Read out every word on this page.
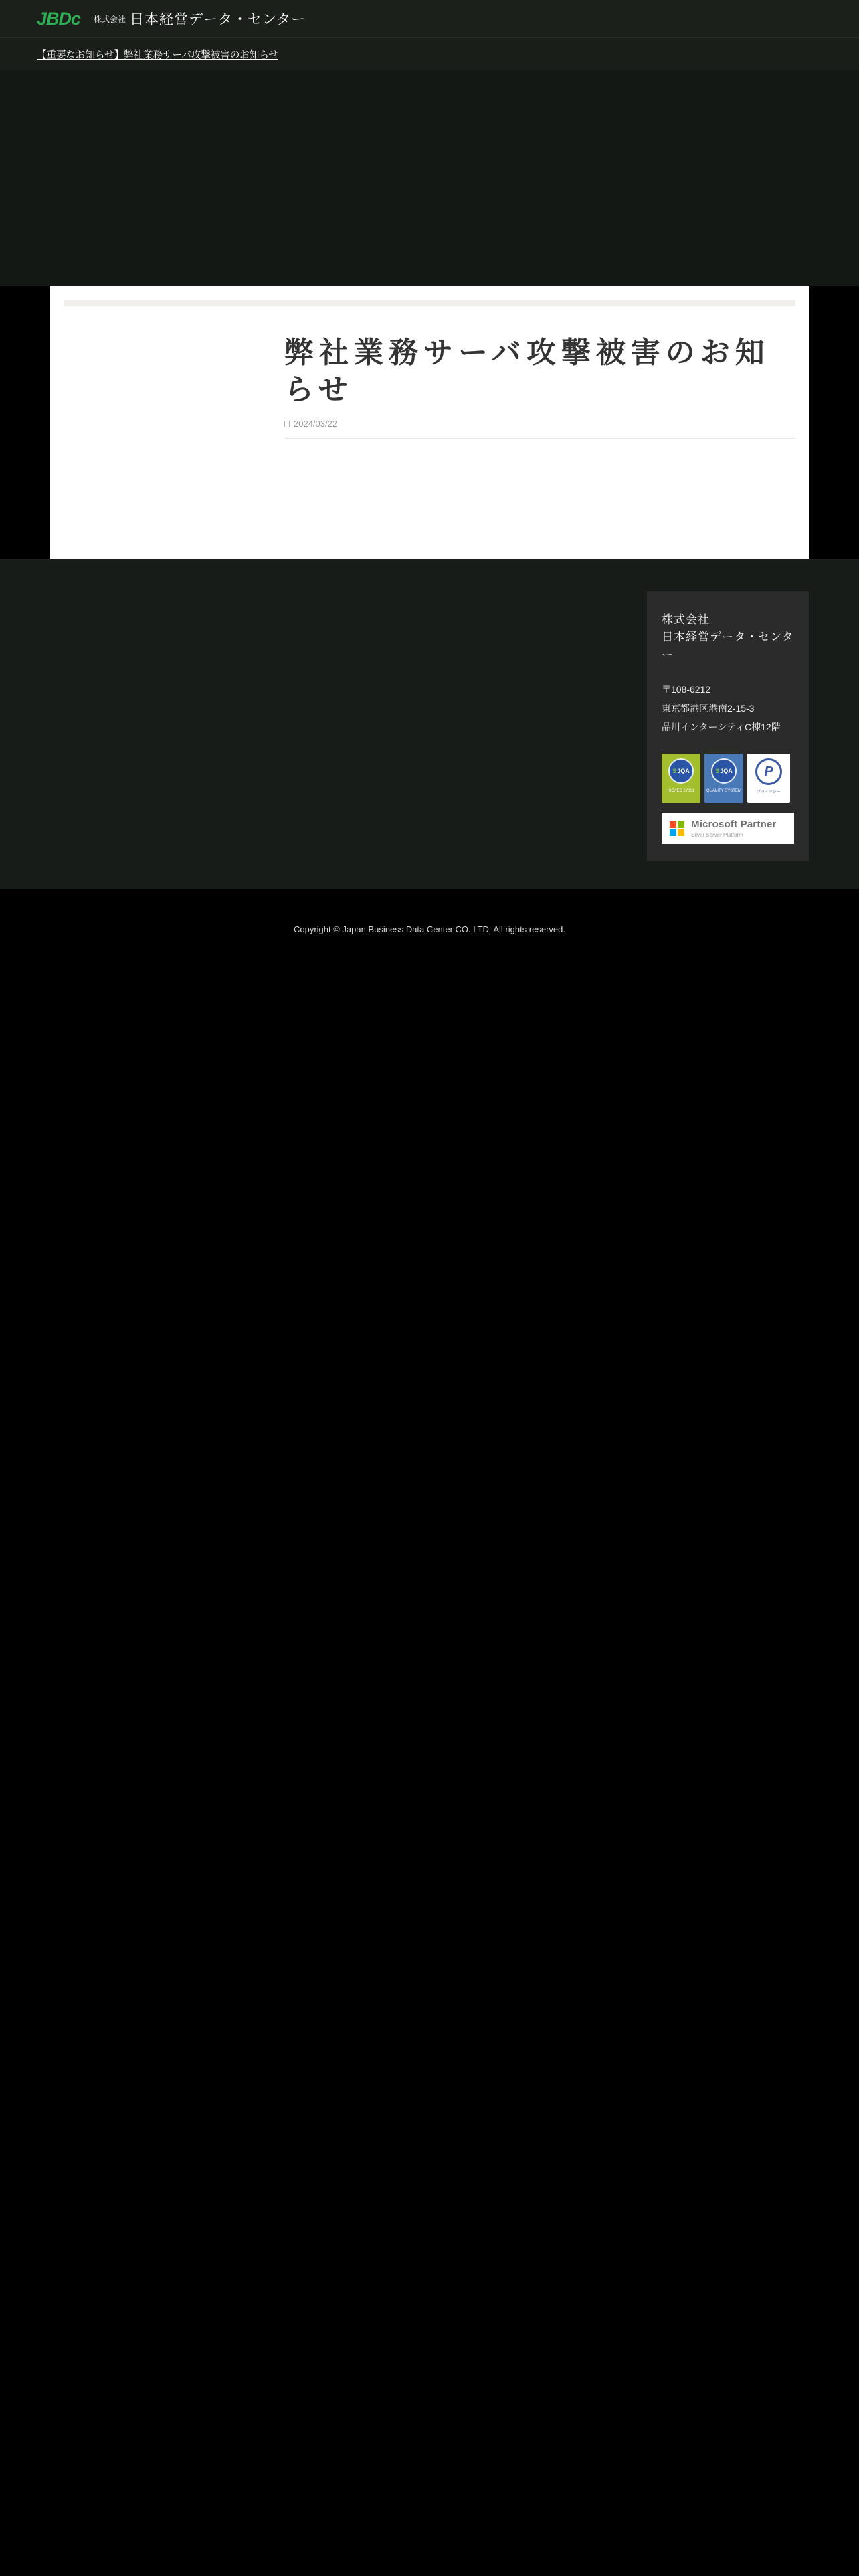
JBDc 株式会社 日本経営データ・センター
【重要なお知らせ】弊社業務サーバ攻撃被害のお知らせ
弊社業務サーバ攻撃被害のお知らせ
2024/03/22
株式会社
日本経営データ・センター
〒108-6212
東京都港区港南2-15-3
品川インターシティC棟12階
S JQA
ISO/IEC 27001
S JQA
QUALITY SYSTEM
P
プライバシー
Microsoft Partner
Silver Server Platform
Copyright © Japan Business Data Center CO.,LTD. All rights reserved.
